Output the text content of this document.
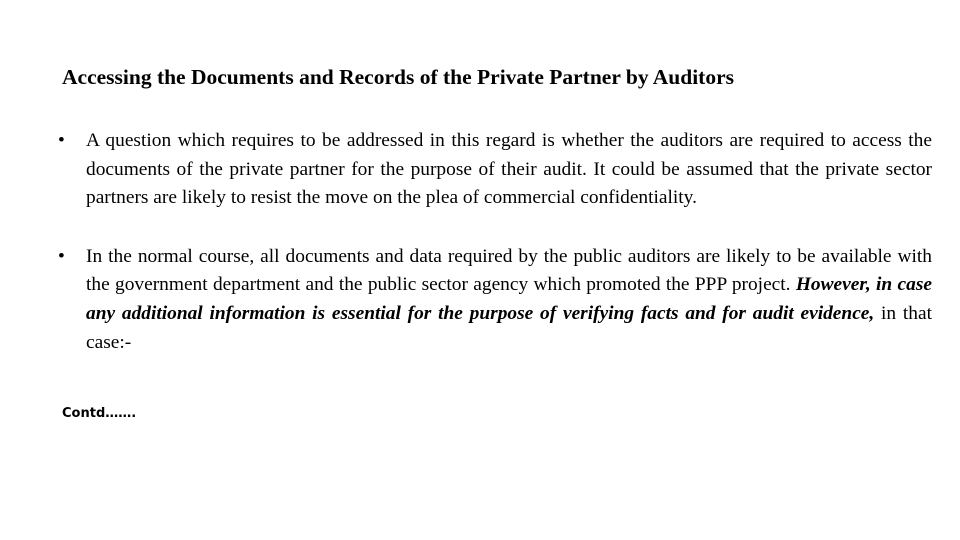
Accessing the Documents and Records of the Private Partner by Auditors
•	A question which requires to be addressed in this regard is whether the auditors are required to access the documents of the private partner for the purpose of their audit. It could be assumed that the private sector partners are likely to resist the move on the plea of commercial confidentiality.
•	In the normal course, all documents and data required by the public auditors are likely to be available with the government department and the public sector agency which promoted the PPP project. However, in case any additional information is essential for the purpose of verifying facts and for audit evidence, in that case:-

Contd…….
